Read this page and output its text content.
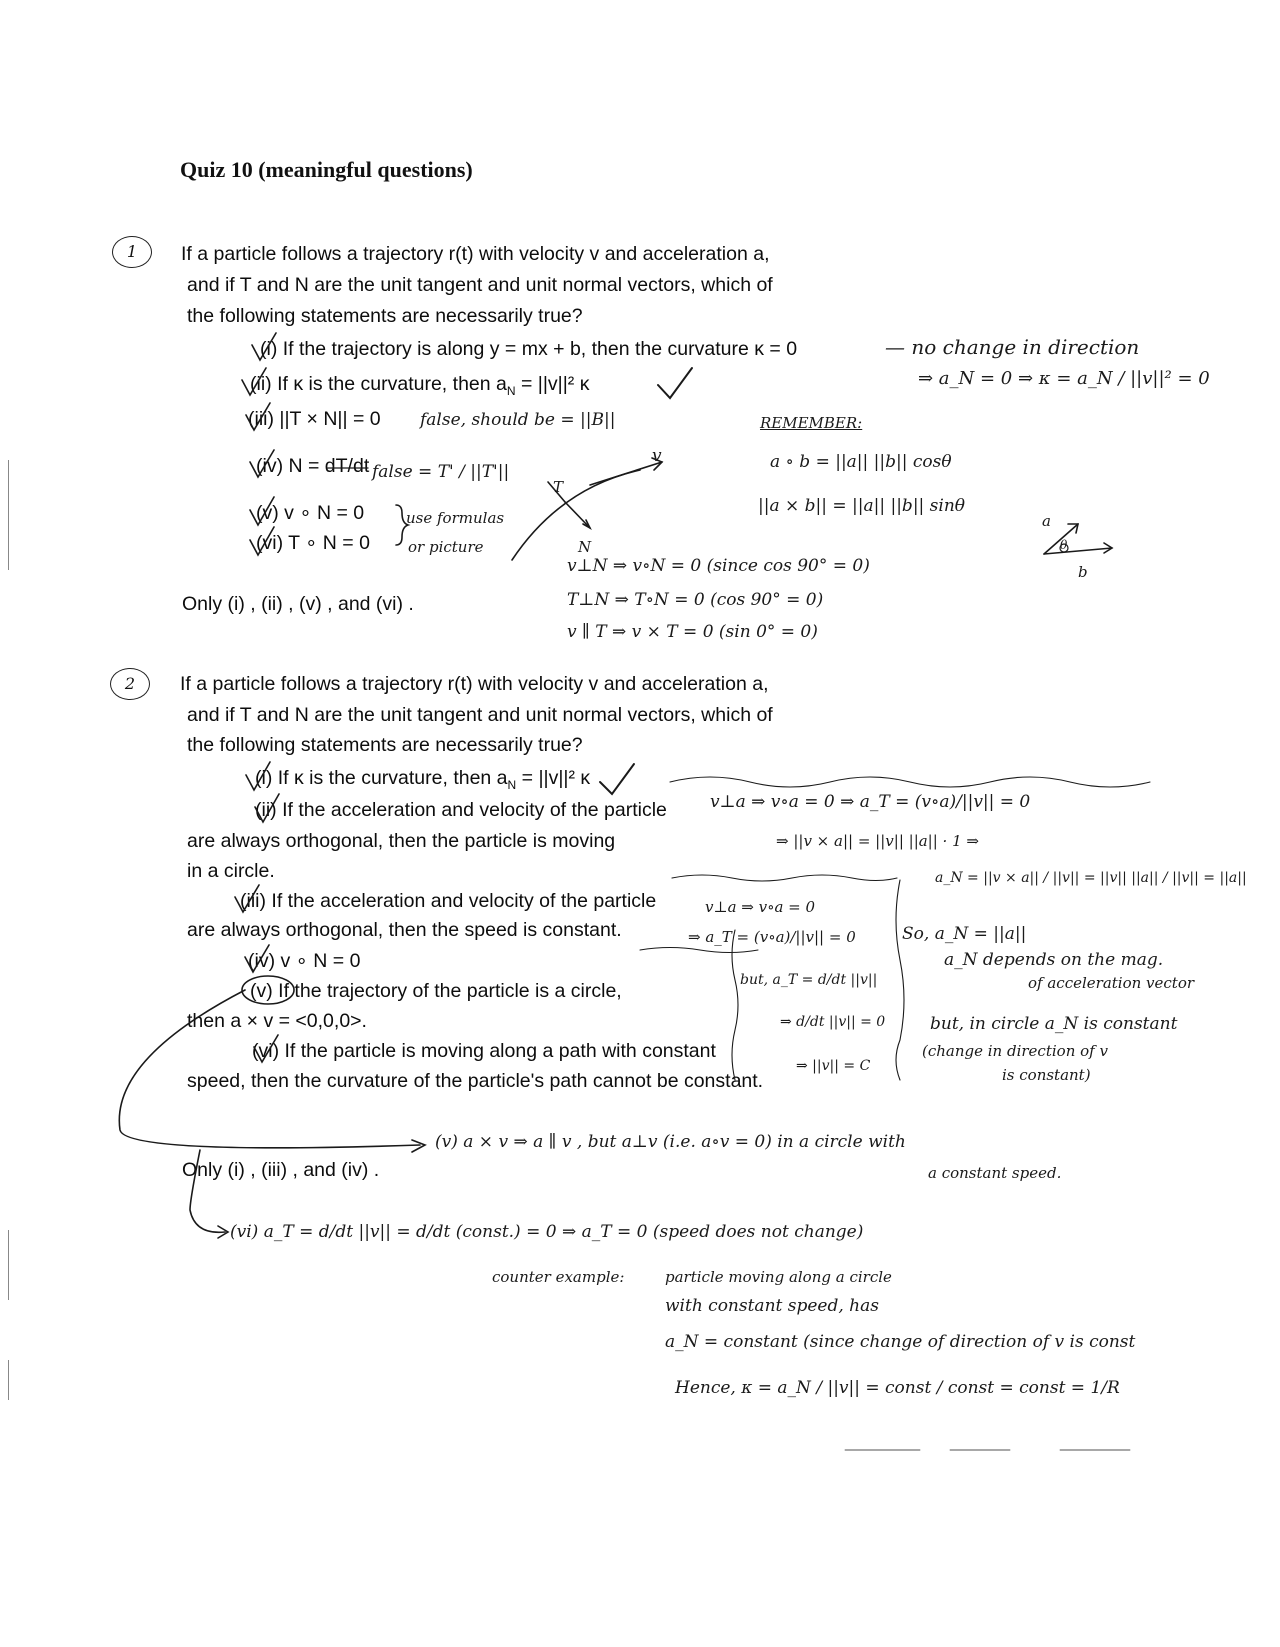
Quiz 10 (meaningful questions)
1	If a particle follows a trajectory r(t) with velocity v and acceleration a,
and if T and N are the unit tangent and unit normal vectors, which of
the following statements are necessarily true?
(i) If the trajectory is along y = mx + b, then the curvature κ = 0
(ii) If κ is the curvature, then $a_N = ||v||^2$ κ
(iii) ||T × N|| = 0
(iv) N = dT/dt
(v) v ∘ N = 0
(vi) T ∘ N = 0
Only (i) , (ii) , (v) , and (vi) .
— no change in direction
⇒ a_N = 0 ⇒ κ = a_N / ||v||² = 0
false, should be = ||B||
false = T' / ||T'||
use formulas
or picture
REMEMBER:
a ∘ b = ||a|| ||b|| cosθ
||a × b|| = ||a|| ||b|| sinθ
v⊥N ⇒ v∘N = 0 (since cos 90° = 0)
T⊥N ⇒ T∘N = 0 (cos 90° = 0)
v ∥ T ⇒ v × T = 0 (sin 0° = 0)
T
N
v
a
b
θ
2	If a particle follows a trajectory r(t) with velocity v and acceleration a,
and if T and N are the unit tangent and unit normal vectors, which of
the following statements are necessarily true?
(i) If κ is the curvature, then $a_N = ||v||^2$ κ
(ii) If the acceleration and velocity of the particle
are always orthogonal, then the particle is moving
in a circle.
(iii) If the acceleration and velocity of the particle
are always orthogonal, then the speed is constant.
(iv) v ∘ N = 0
(v) If the trajectory of the particle is a circle,
then a × v = <0,0,0>.
(vi) If the particle is moving along a path with constant
speed, then the curvature of the particle's path cannot be constant.
Only (i) , (iii) , and (iv) .
v⊥a ⇒ v∘a = 0 ⇒ a_T = (v∘a)/||v|| = 0
⇒ ||v × a|| = ||v|| ||a|| · 1 ⇒
a_N = ||v × a|| / ||v|| = ||v|| ||a|| / ||v|| = ||a||
So, a_N = ||a||
a_N depends on the mag.
of acceleration vector
but, in circle a_N is constant
(change in direction of v
is constant)
v⊥a ⇒ v∘a = 0
⇒ a_T = (v∘a)/||v|| = 0
but, a_T = d/dt ||v||
⇒ d/dt ||v|| = 0
⇒ ||v|| = C
(v) a × v ⇒ a ∥ v , but a⊥v (i.e. a∘v = 0) in a circle with
a constant speed.
(vi) a_T = d/dt ||v|| = d/dt (const.) = 0 ⇒ a_T = 0 (speed does not change)
counter example:	particle moving along a circle
with constant speed, has
a_N = constant (since change of direction of v is const
Hence, κ = a_N / ||v|| = const / const = const = 1/R
